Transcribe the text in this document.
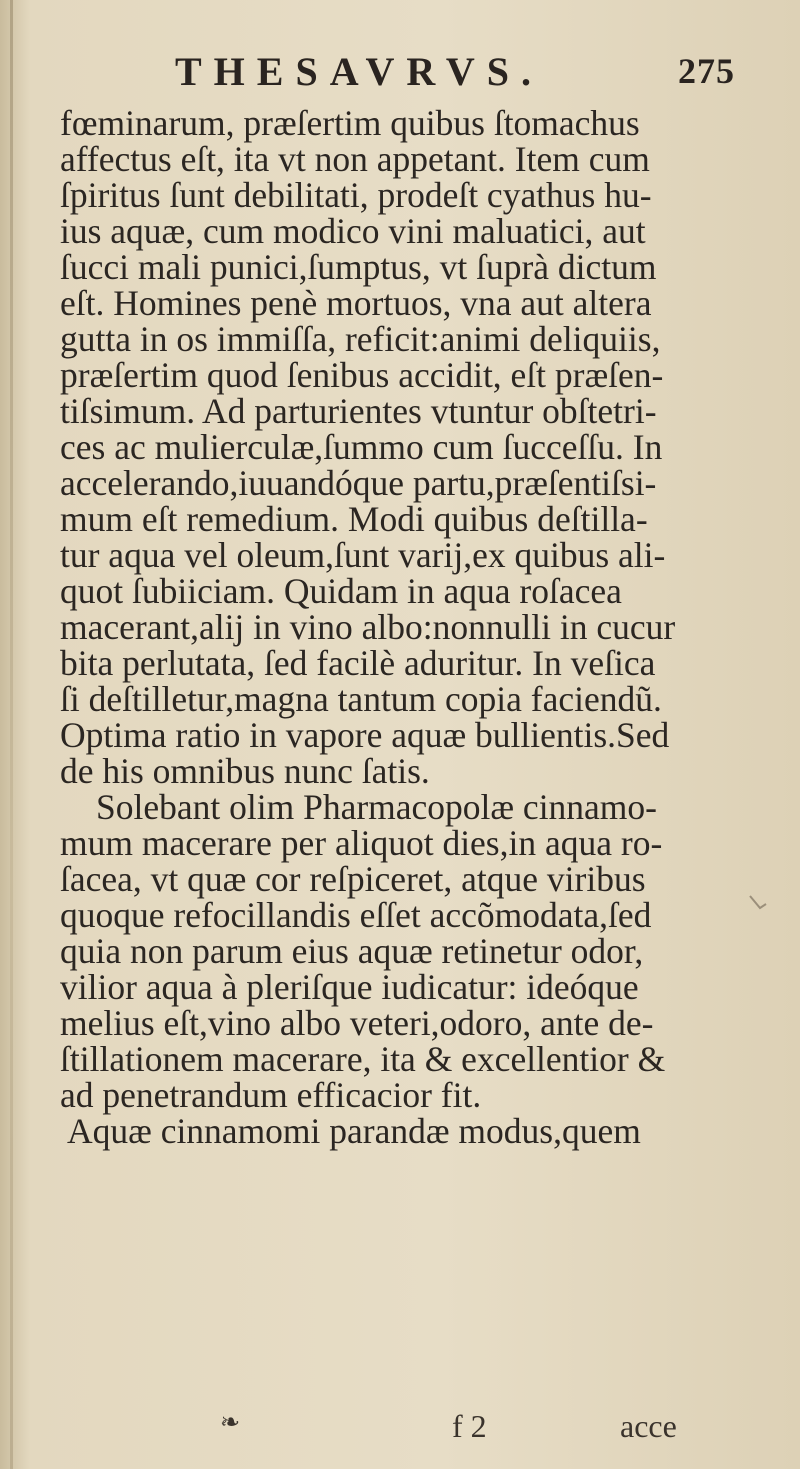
THESAVRVS.	275
fœminarum, præſertim quibus ſtomachus
affectus eſt, ita vt non appetant. Item cum
ſpiritus ſunt debilitati, prodeſt cyathus hu-
ius aquæ, cum modico vini maluatici, aut
ſucci mali punici,ſumptus, vt ſuprà dictum
eſt. Homines penè mortuos, vna aut altera
gutta in os immiſſa, reficit:animi deliquiis,
præſertim quod ſenibus accidit, eſt præſen-
tiſsimum. Ad parturientes vtuntur obſtetri-
ces ac mulierculæ,ſummo cum ſucceſſu. In
accelerando,iuuandóque partu,præſentiſsi-
mum eſt remedium. Modi quibus deſtilla-
tur aqua vel oleum,ſunt varij,ex quibus ali-
quot ſubiiciam. Quidam in aqua roſacea
macerant,alij in vino albo:nonnulli in cucur
bita perlutata, ſed facilè aduritur. In veſica
ſi deſtilletur,magna tantum copia faciendũ.
Optima ratio in vapore aquæ bullientis.Sed
de his omnibus nunc ſatis.
Solebant olim Pharmacopolæ cinnamo-
mum macerare per aliquot dies,in aqua ro-
ſacea, vt quæ cor reſpiceret, atque viribus
quoque refocillandis eſſet accõmodata,ſed
quia non parum eius aquæ retinetur odor,
vilior aqua à pleriſque iudicatur: ideóque
melius eſt,vino albo veteri,odoro, ante de-
ſtillationem macerare, ita & excellentior &
ad penetrandum efficacior fit.
Aquæ cinnamomi parandæ modus,quem
❧	f 2	acce
